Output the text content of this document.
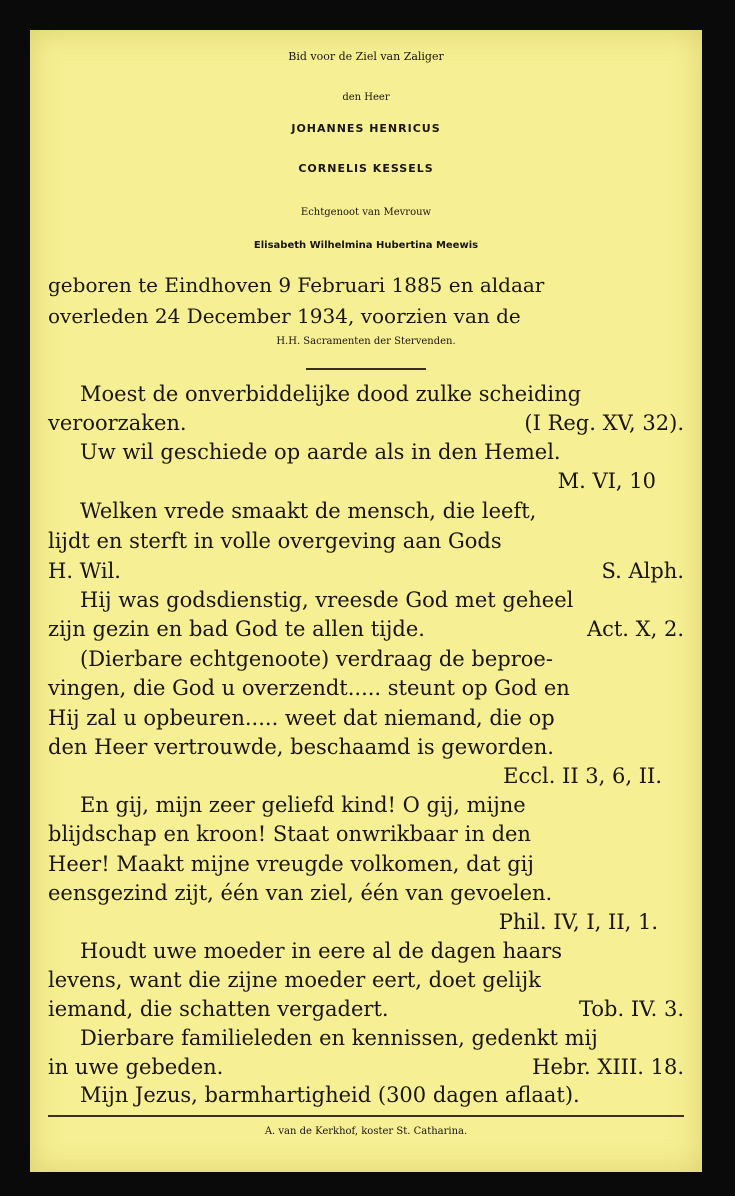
Bid voor de Ziel van Zaliger
den Heer
JOHANNES HENRICUS
CORNELIS KESSELS
Echtgenoot van Mevrouw
Elisabeth Wilhelmina Hubertina Meewis
geboren te Eindhoven 9 Februari 1885 en aldaar
overleden 24 December 1934, voorzien van de
H.H. Sacramenten der Stervenden.
Moest de onverbiddelijke dood zulke scheiding
veroorzaken.	(I Reg. XV, 32).
Uw wil geschiede op aarde als in den Hemel.
M. VI, 10
Welken vrede smaakt de mensch, die leeft,
lijdt en sterft in volle overgeving aan Gods
H. Wil.	S. Alph.
Hij was godsdienstig, vreesde God met geheel
zijn gezin en bad God te allen tijde.	Act. X, 2.
(Dierbare echtgenoote) verdraag de beproe-
vingen, die God u overzendt..... steunt op God en
Hij zal u opbeuren..... weet dat niemand, die op
den Heer vertrouwde, beschaamd is geworden.
Eccl. II 3, 6, II.
En gij, mijn zeer geliefd kind! O gij, mijne
blijdschap en kroon! Staat onwrikbaar in den
Heer! Maakt mijne vreugde volkomen, dat gij
eensgezind zijt, één van ziel, één van gevoelen.
Phil. IV, I, II, 1.
Houdt uwe moeder in eere al de dagen haars
levens, want die zijne moeder eert, doet gelijk
iemand, die schatten vergadert.	Tob. IV. 3.
Dierbare familieleden en kennissen, gedenkt mij
in uwe gebeden.	Hebr. XIII. 18.
Mijn Jezus, barmhartigheid (300 dagen aflaat).
A. van de Kerkhof, koster St. Catharina.
